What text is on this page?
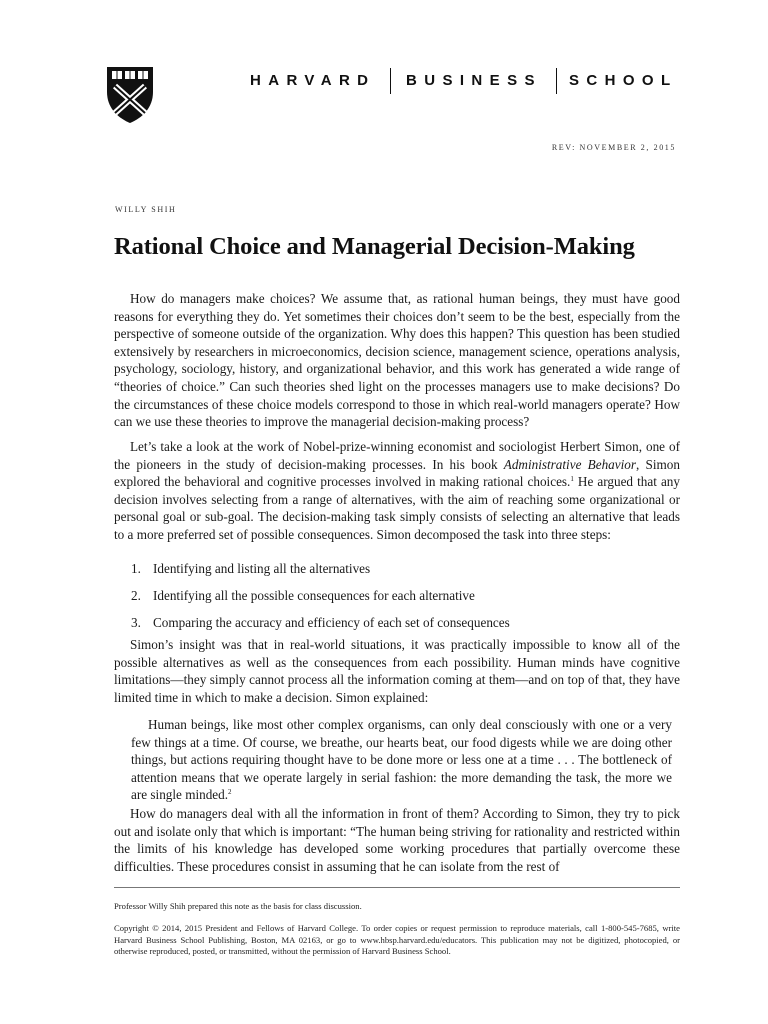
HARVARD BUSINESS SCHOOL
REV: NOVEMBER 2, 2015
WILLY SHIH
Rational Choice and Managerial Decision-Making

How do managers make choices? We assume that, as rational human beings, they must have good reasons for everything they do. Yet sometimes their choices don’t seem to be the best, especially from the perspective of someone outside of the organization. Why does this happen? This question has been studied extensively by researchers in microeconomics, decision science, management science, operations analysis, psychology, sociology, history, and organizational behavior, and this work has generated a wide range of “theories of choice.” Can such theories shed light on the processes managers use to make decisions? Do the circumstances of these choice models correspond to those in which real-world managers operate? How can we use these theories to improve the managerial decision-making process?

Let’s take a look at the work of Nobel-prize-winning economist and sociologist Herbert Simon, one of the pioneers in the study of decision-making processes. In his book Administrative Behavior, Simon explored the behavioral and cognitive processes involved in making rational choices.$^1$ He argued that any decision involves selecting from a range of alternatives, with the aim of reaching some organizational or personal goal or sub-goal. The decision-making task simply consists of selecting an alternative that leads to a more preferred set of possible consequences. Simon decomposed the task into three steps:

1. Identifying and listing all the alternatives
2. Identifying all the possible consequences for each alternative
3. Comparing the accuracy and efficiency of each set of consequences

Simon’s insight was that in real-world situations, it was practically impossible to know all of the possible alternatives as well as the consequences from each possibility. Human minds have cognitive limitations—they simply cannot process all the information coming at them—and on top of that, they have limited time in which to make a decision. Simon explained:

Human beings, like most other complex organisms, can only deal consciously with one or a very few things at a time. Of course, we breathe, our hearts beat, our food digests while we are doing other things, but actions requiring thought have to be done more or less one at a time . . . The bottleneck of attention means that we operate largely in serial fashion: the more demanding the task, the more we are single minded.$^2$

How do managers deal with all the information in front of them? According to Simon, they try to pick out and isolate only that which is important: “The human being striving for rationality and restricted within the limits of his knowledge has developed some working procedures that partially overcome these difficulties. These procedures consist in assuming that he can isolate from the rest of

Professor Willy Shih prepared this note as the basis for class discussion.
Copyright © 2014, 2015 President and Fellows of Harvard College. To order copies or request permission to reproduce materials, call 1-800-545-7685, write Harvard Business School Publishing, Boston, MA 02163, or go to www.hbsp.harvard.edu/educators. This publication may not be digitized, photocopied, or otherwise reproduced, posted, or transmitted, without the permission of Harvard Business School.
